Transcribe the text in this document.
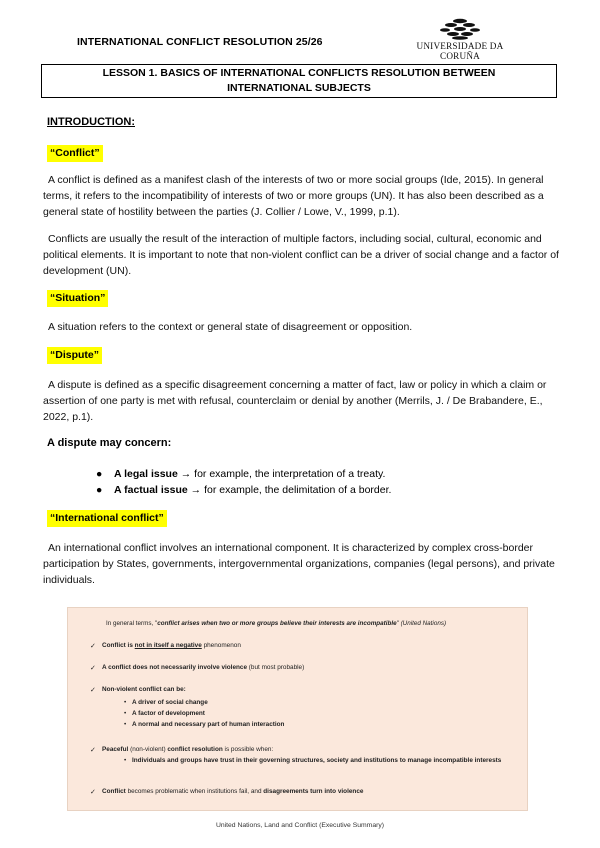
INTERNATIONAL CONFLICT RESOLUTION 25/26	UNIVERSIDADE DA CORUÑA
LESSON 1. BASICS OF INTERNATIONAL CONFLICTS RESOLUTION BETWEEN INTERNATIONAL SUBJECTS
INTRODUCTION:
“Conflict”
A conflict is defined as a manifest clash of the interests of two or more social groups (Ide, 2015). In general terms, it refers to the incompatibility of interests of two or more groups (UN). It has also been described as a general state of hostility between the parties (J. Collier / Lowe, V., 1999, p.1).
Conflicts are usually the result of the interaction of multiple factors, including social, cultural, economic and political elements. It is important to note that non-violent conflict can be a driver of social change and a factor of development (UN).
“Situation”
A situation refers to the context or general state of disagreement or opposition.
“Dispute”
A dispute is defined as a specific disagreement concerning a matter of fact, law or policy in which a claim or assertion of one party is met with refusal, counterclaim or denial by another (Merrils, J. / De Brabandere, E., 2022, p.1).
A dispute may concern:
● A legal issue → for example, the interpretation of a treaty.
● A factual issue → for example, the delimitation of a border.
“International conflict”
An international conflict involves an international component. It is characterized by complex cross-border participation by States, governments, intergovernmental organizations, companies (legal persons), and private individuals.
In general terms, "conflict arises when two or more groups believe their interests are incompatible" (United Nations)
✓ Conflict is not in itself a negative phenomenon
✓ A conflict does not necessarily involve violence (but most probable)
✓ Non-violent conflict can be:
• A driver of social change
• A factor of development
• A normal and necessary part of human interaction
✓ Peaceful (non-violent) conflict resolution is possible when:
• Individuals and groups have trust in their governing structures, society and institutions to manage incompatible interests
✓ Conflict becomes problematic when institutions fail, and disagreements turn into violence
United Nations, Land and Conflict (Executive Summary)
